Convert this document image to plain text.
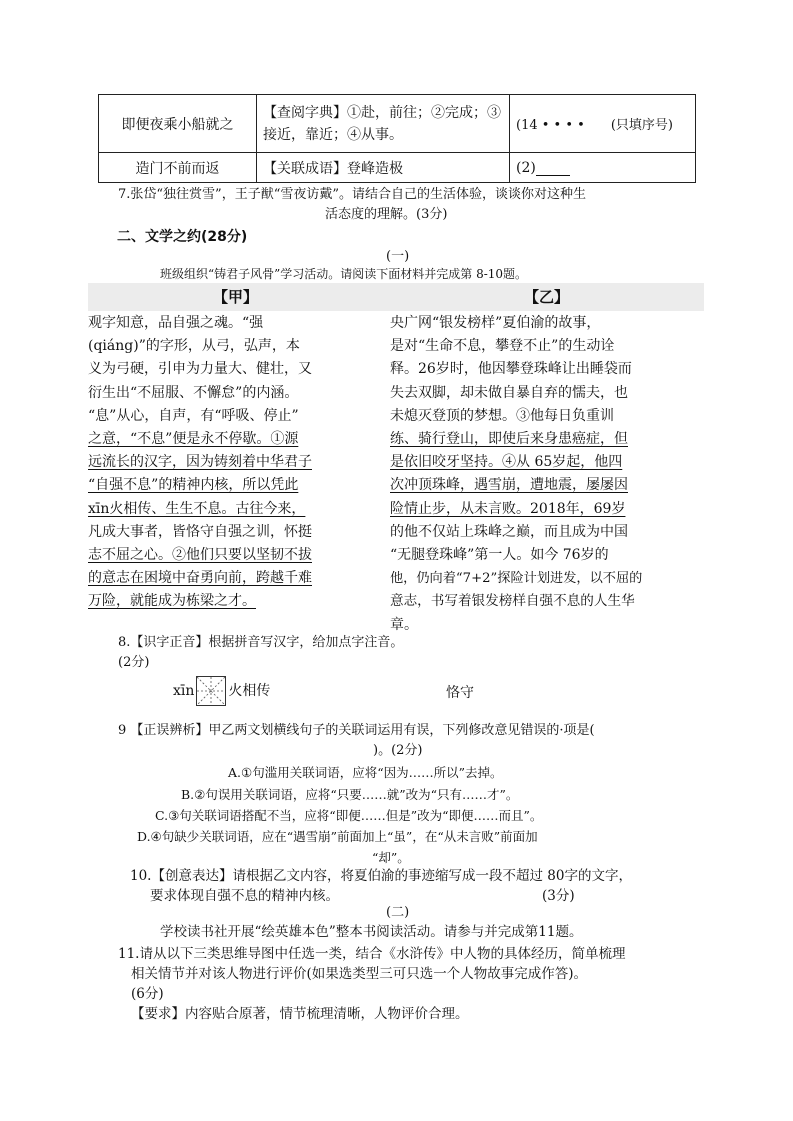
即便夜乘小船就之	【查阅字典】①赴，前往；②完成；③接近，靠近；④从事。	(14 • • • •　　(只填序号)
造门不前而返	【关联成语】登峰造极	(2)
7.张岱“独往赏雪”，王子猷“雪夜访戴”。请结合自己的生活体验，谈谈你对这种生
活态度的理解。(3分)
二、文学之约(28分)
(一)
班级组织“铸君子风骨”学习活动。请阅读下面材料并完成第 8-10题。
【甲】	【乙】
观字知意，品自强之魂。“强
(qiáng)”的字形，从弓，弘声，本
义为弓硬，引申为力量大、健壮，又
衍生出“不屈服、不懈怠”的内涵。
“息”从心，自声，有“呼吸、停止”
之意，“不息”便是永不停歇。①源
远流长的汉字，因为铸刻着中华君子
“自强不息”的精神内核，所以凭此
xīn火相传、生生不息。古往今来，
凡成大事者，皆恪守自强之训，怀挺
志不屈之心。②他们只要以坚韧不拔
的意志在困境中奋勇向前，跨越千难
万险，就能成为栋梁之才。
央广网“银发榜样”夏伯渝的故事，
是对“生命不息，攀登不止”的生动诠
释。26岁时，他因攀登珠峰让出睡袋而
失去双脚，却未做自暴自弃的懦夫，也
未熄灭登顶的梦想。③他每日负重训
练、骑行登山，即使后来身患癌症，但
是依旧咬牙坚持。④从 65岁起，他四
次冲顶珠峰，遇雪崩，遭地震，屡屡因
险情止步，从未言败。2018年，69岁
的他不仅站上珠峰之巅，而且成为中国
“无腿登珠峰”第一人。如今 76岁的
他，仍向着“7+2”探险计划进发，以不屈的
意志，书写着银发榜样自强不息的人生华
章。
8.【识字正音】根据拼音写汉字，给加点字注音。
(2分)
xīn 火相传	恪守
9 【正误辨析】甲乙两文划横线句子的关联词运用有误，下列修改意见错误的·项是(
)。(2分)
A.①句滥用关联词语，应将“因为……所以”去掉。
B.②句误用关联词语，应将“只要……就”改为“只有……才”。
C.③句关联词语搭配不当，应将“即便……但是”改为“即便……而且”。
D.④句缺少关联词语，应在“遇雪崩”前面加上“虽”，在“从未言败”前面加
“却”。
10.【创意表达】请根据乙文内容，将夏伯渝的事迹缩写成一段不超过 80字的文字，
要求体现自强不息的精神内核。	(3分)
(二)
学校读书社开展“绘英雄本色”整本书阅读活动。请参与并完成第11题。
11.请从以下三类思维导图中任选一类，结合《水浒传》中人物的具体经历，简单梳理
相关情节并对该人物进行评价(如果选类型三可只选一个人物故事完成作答)。
(6分)
【要求】内容贴合原著，情节梳理清晰，人物评价合理。
